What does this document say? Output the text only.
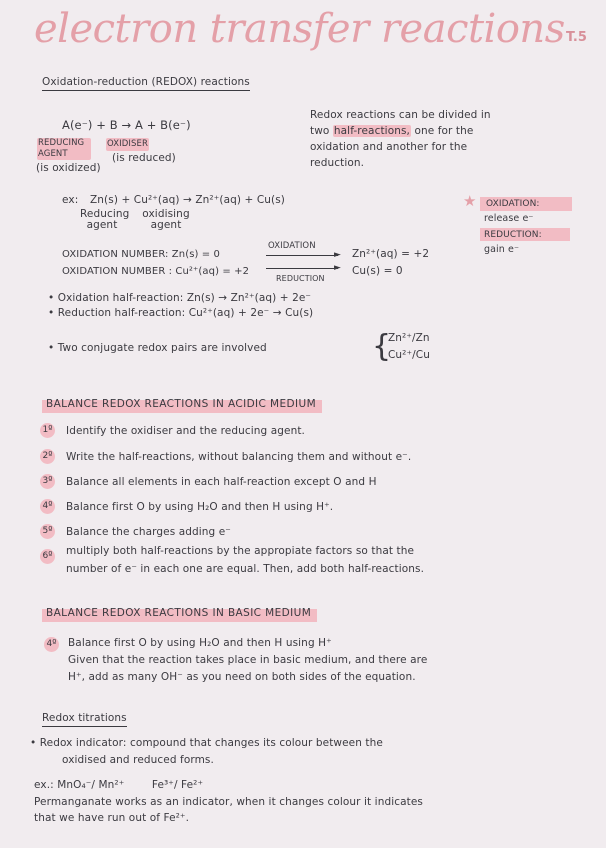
electron transfer reactions T.5
Oxidation-reduction (REDOX) reactions
A(e⁻) + B → A + B(e⁻)
REDUCING AGENT
(is oxidized)
OXIDISER
(is reduced)
Redox reactions can be divided in
two half-reactions, one for the
oxidation and another for the
reduction.
ex: Zn(s) + Cu²⁺(aq) → Zn²⁺(aq) + Cu(s)
Reducing agent
oxidising agent
OXIDATION NUMBER: Zn(s) = 0
OXIDATION NUMBER : Cu²⁺(aq) = +2
OXIDATION
►
►
REDUCTION
Zn²⁺(aq) = +2
Cu(s) = 0
• Oxidation half-reaction: Zn(s) → Zn²⁺(aq) + 2e⁻
• Reduction half-reaction: Cu²⁺(aq) + 2e⁻ → Cu(s)
• Two conjugate redox pairs are involved	{
Zn²⁺/Zn
Cu²⁺/Cu
★ OXIDATION:
release e⁻
REDUCTION:
gain e⁻
BALANCE REDOX REACTIONS IN ACIDIC MEDIUM
1º Identify the oxidiser and the reducing agent.
2º Write the half-reactions, without balancing them and without e⁻.
3º Balance all elements in each half-reaction except O and H
4º Balance first O by using H₂O and then H using H⁺.
5º Balance the charges adding e⁻
6º multiply both half-reactions by the appropiate factors so that the
number of e⁻ in each one are equal. Then, add both half-reactions.
BALANCE REDOX REACTIONS IN BASIC MEDIUM
4º Balance first O by using H₂O and then H using H⁺
Given that the reaction takes place in basic medium, and there are
H⁺, add as many OH⁻ as you need on both sides of the equation.
Redox titrations
• Redox indicator: compound that changes its colour between the
oxidised and reduced forms.
ex.: MnO₄⁻/ Mn²⁺        Fe³⁺/ Fe²⁺
Permanganate works as an indicator, when it changes colour it indicates
that we have run out of Fe²⁺.
